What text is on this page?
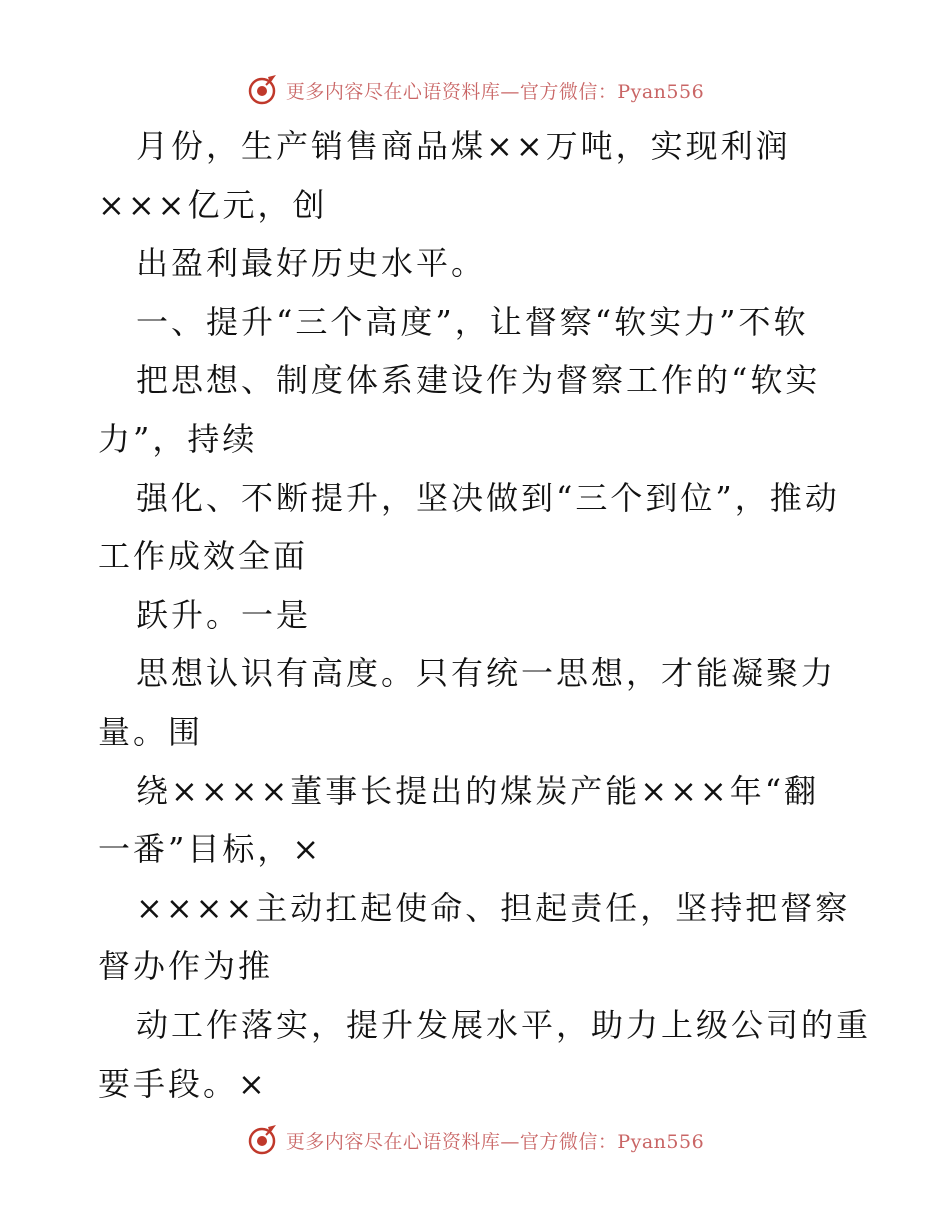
更多内容尽在心语资料库—官方微信：Pyan556
月份，生产销售商品煤××万吨，实现利润
×××亿元，创
出盈利最好历史水平。
一、提升“三个高度”，让督察“软实力”不软
把思想、制度体系建设作为督察工作的“软实
力”，持续
强化、不断提升，坚决做到“三个到位”，推动
工作成效全面
跃升。一是
思想认识有高度。只有统一思想，才能凝聚力
量。围
绕××××董事长提出的煤炭产能×××年“翻
一番”目标，×
××××主动扛起使命、担起责任，坚持把督察
督办作为推
动工作落实，提升发展水平，助力上级公司的重
要手段。×
更多内容尽在心语资料库—官方微信：Pyan556
